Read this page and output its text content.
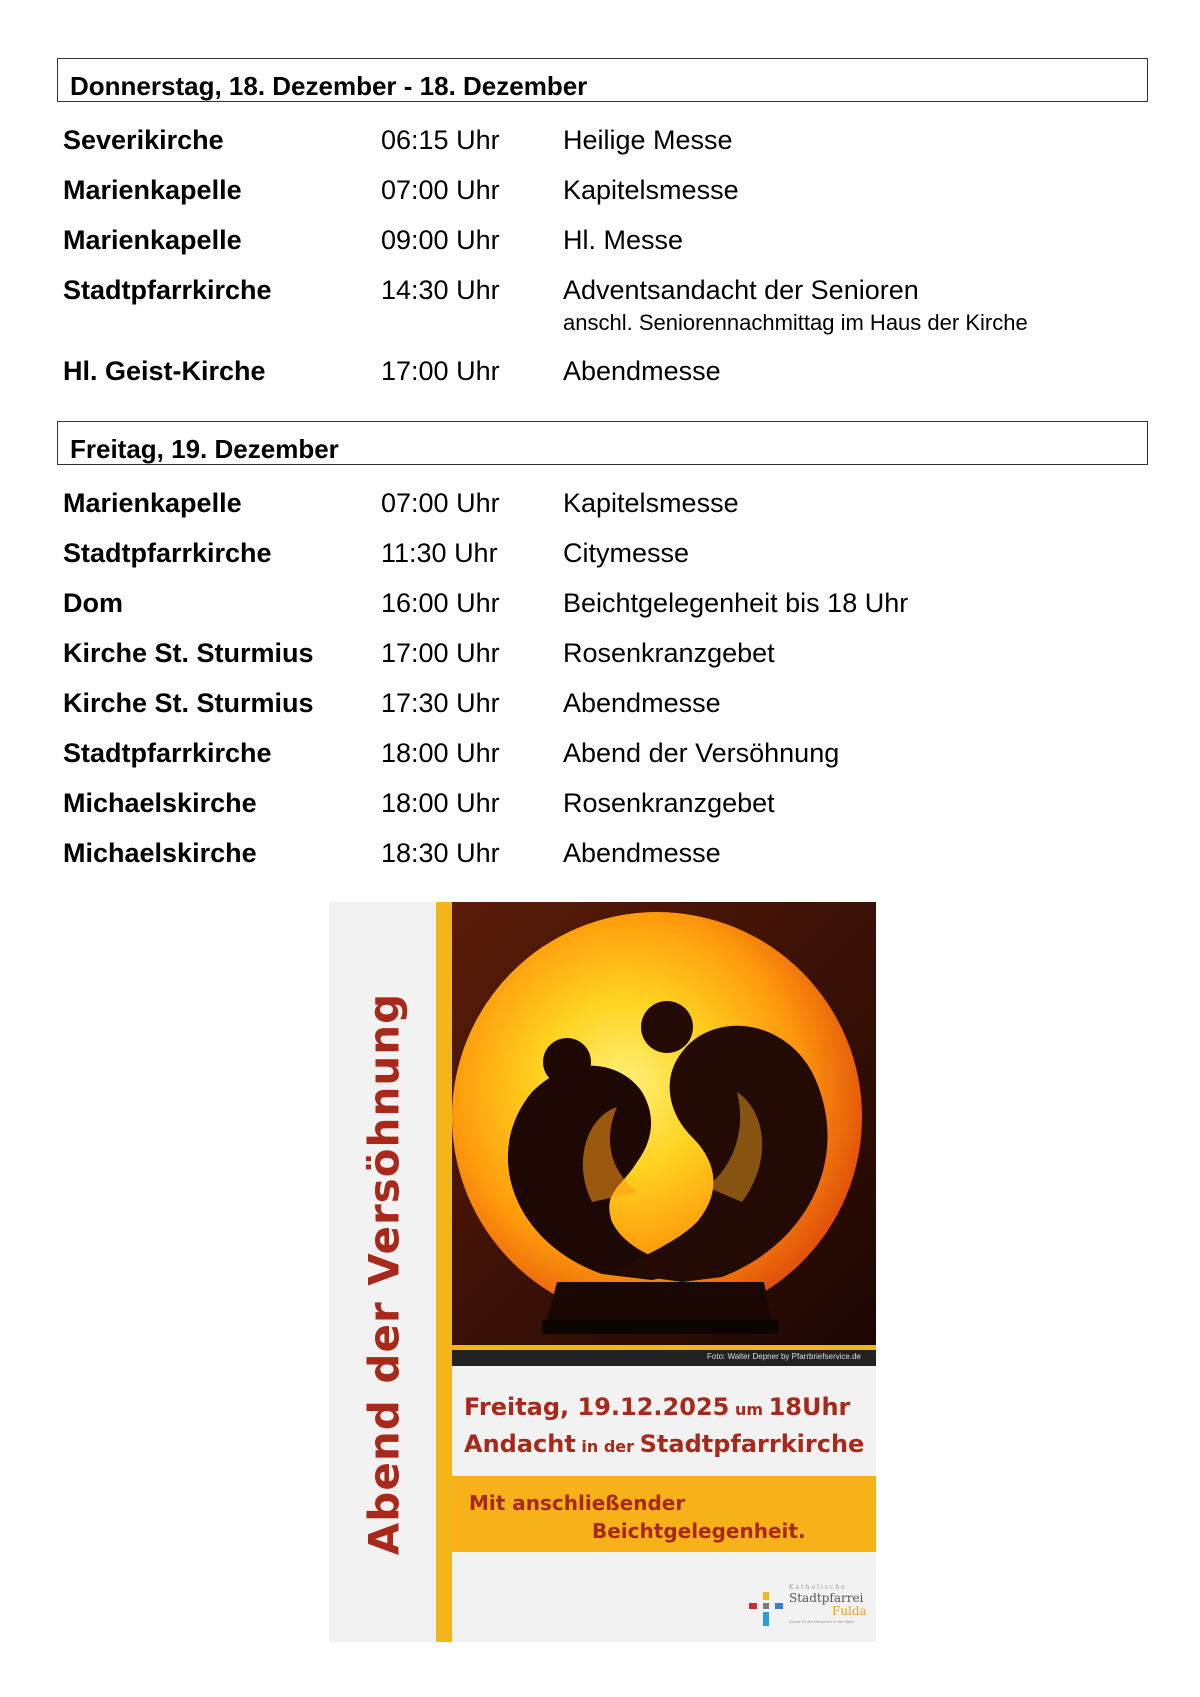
Donnerstag, 18. Dezember - 18. Dezember
Severikirche	06:15 Uhr Heilige Messe
Marienkapelle	07:00 Uhr Kapitelsmesse
Marienkapelle	09:00 Uhr Hl. Messe
Stadtpfarrkirche	14:30 Uhr Adventsandacht der Senioren
anschl. Seniorennachmittag im Haus der Kirche
Hl. Geist-Kirche	17:00 Uhr Abendmesse
Freitag, 19. Dezember
Marienkapelle	07:00 Uhr Kapitelsmesse
Stadtpfarrkirche	11:30 Uhr Citymesse
Dom	16:00 Uhr Beichtgelegenheit bis 18 Uhr
Kirche St. Sturmius 17:00 Uhr Rosenkranzgebet
Kirche St. Sturmius 17:30 Uhr Abendmesse
Stadtpfarrkirche	18:00 Uhr Abend der Versöhnung
Michaelskirche	18:00 Uhr Rosenkranzgebet
Michaelskirche	18:30 Uhr Abendmesse
Abend der Versöhnung	Foto: Walter Depner by Pfarrbriefservice.de
Freitag, 19.12.2025 um 18Uhr
Andacht in der Stadtpfarrkirche
Mit anschließender
Beichtgelegenheit.
Katholische
Stadtpfarrei
Fulda
Kirche für die Menschen in der Stadt
